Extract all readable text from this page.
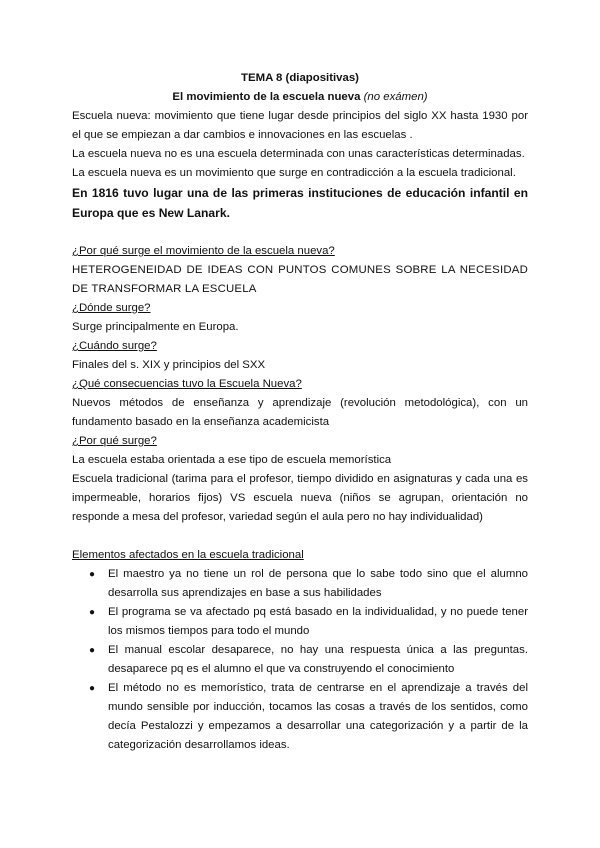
TEMA 8 (diapositivas)

El movimiento de la escuela nueva (no exámen)

Escuela nueva: movimiento que tiene lugar desde principios del siglo XX hasta 1930 por el que se empiezan a dar cambios e innovaciones en las escuelas .

La escuela nueva no es una escuela determinada con unas características determinadas.

La escuela nueva es un movimiento que surge en contradicción a la escuela tradicional.

En 1816 tuvo lugar una de las primeras instituciones de educación infantil en Europa que es New Lanark.

¿Por qué surge el movimiento de la escuela nueva?

HETEROGENEIDAD DE IDEAS CON PUNTOS COMUNES SOBRE LA NECESIDAD DE TRANSFORMAR LA ESCUELA

¿Dónde surge?

Surge principalmente en Europa.

¿Cuándo surge?

Finales del s. XIX y principios del SXX

¿Qué consecuencias tuvo la Escuela Nueva?

Nuevos métodos de enseñanza y aprendizaje (revolución metodológica), con un fundamento basado en la enseñanza academicista

¿Por qué surge?

La escuela estaba orientada a ese tipo de escuela memorística

Escuela tradicional (tarima para el profesor, tiempo dividido en asignaturas y cada una es impermeable, horarios fijos) VS escuela nueva (niños se agrupan, orientación no responde a mesa del profesor, variedad según el aula pero no hay individualidad)

Elementos afectados en la escuela tradicional

● El maestro ya no tiene un rol de persona que lo sabe todo sino que el alumno desarrolla sus aprendizajes en base a sus habilidades
● El programa se va afectado pq está basado en la individualidad, y no puede tener los mismos tiempos para todo el mundo
● El manual escolar desaparece, no hay una respuesta única a las preguntas. desaparece pq es el alumno el que va construyendo el conocimiento
● El método no es memorístico, trata de centrarse en el aprendizaje a través del mundo sensible por inducción, tocamos las cosas a través de los sentidos, como decía Pestalozzi y empezamos a desarrollar una categorización y a partir de la categorización desarrollamos ideas.
